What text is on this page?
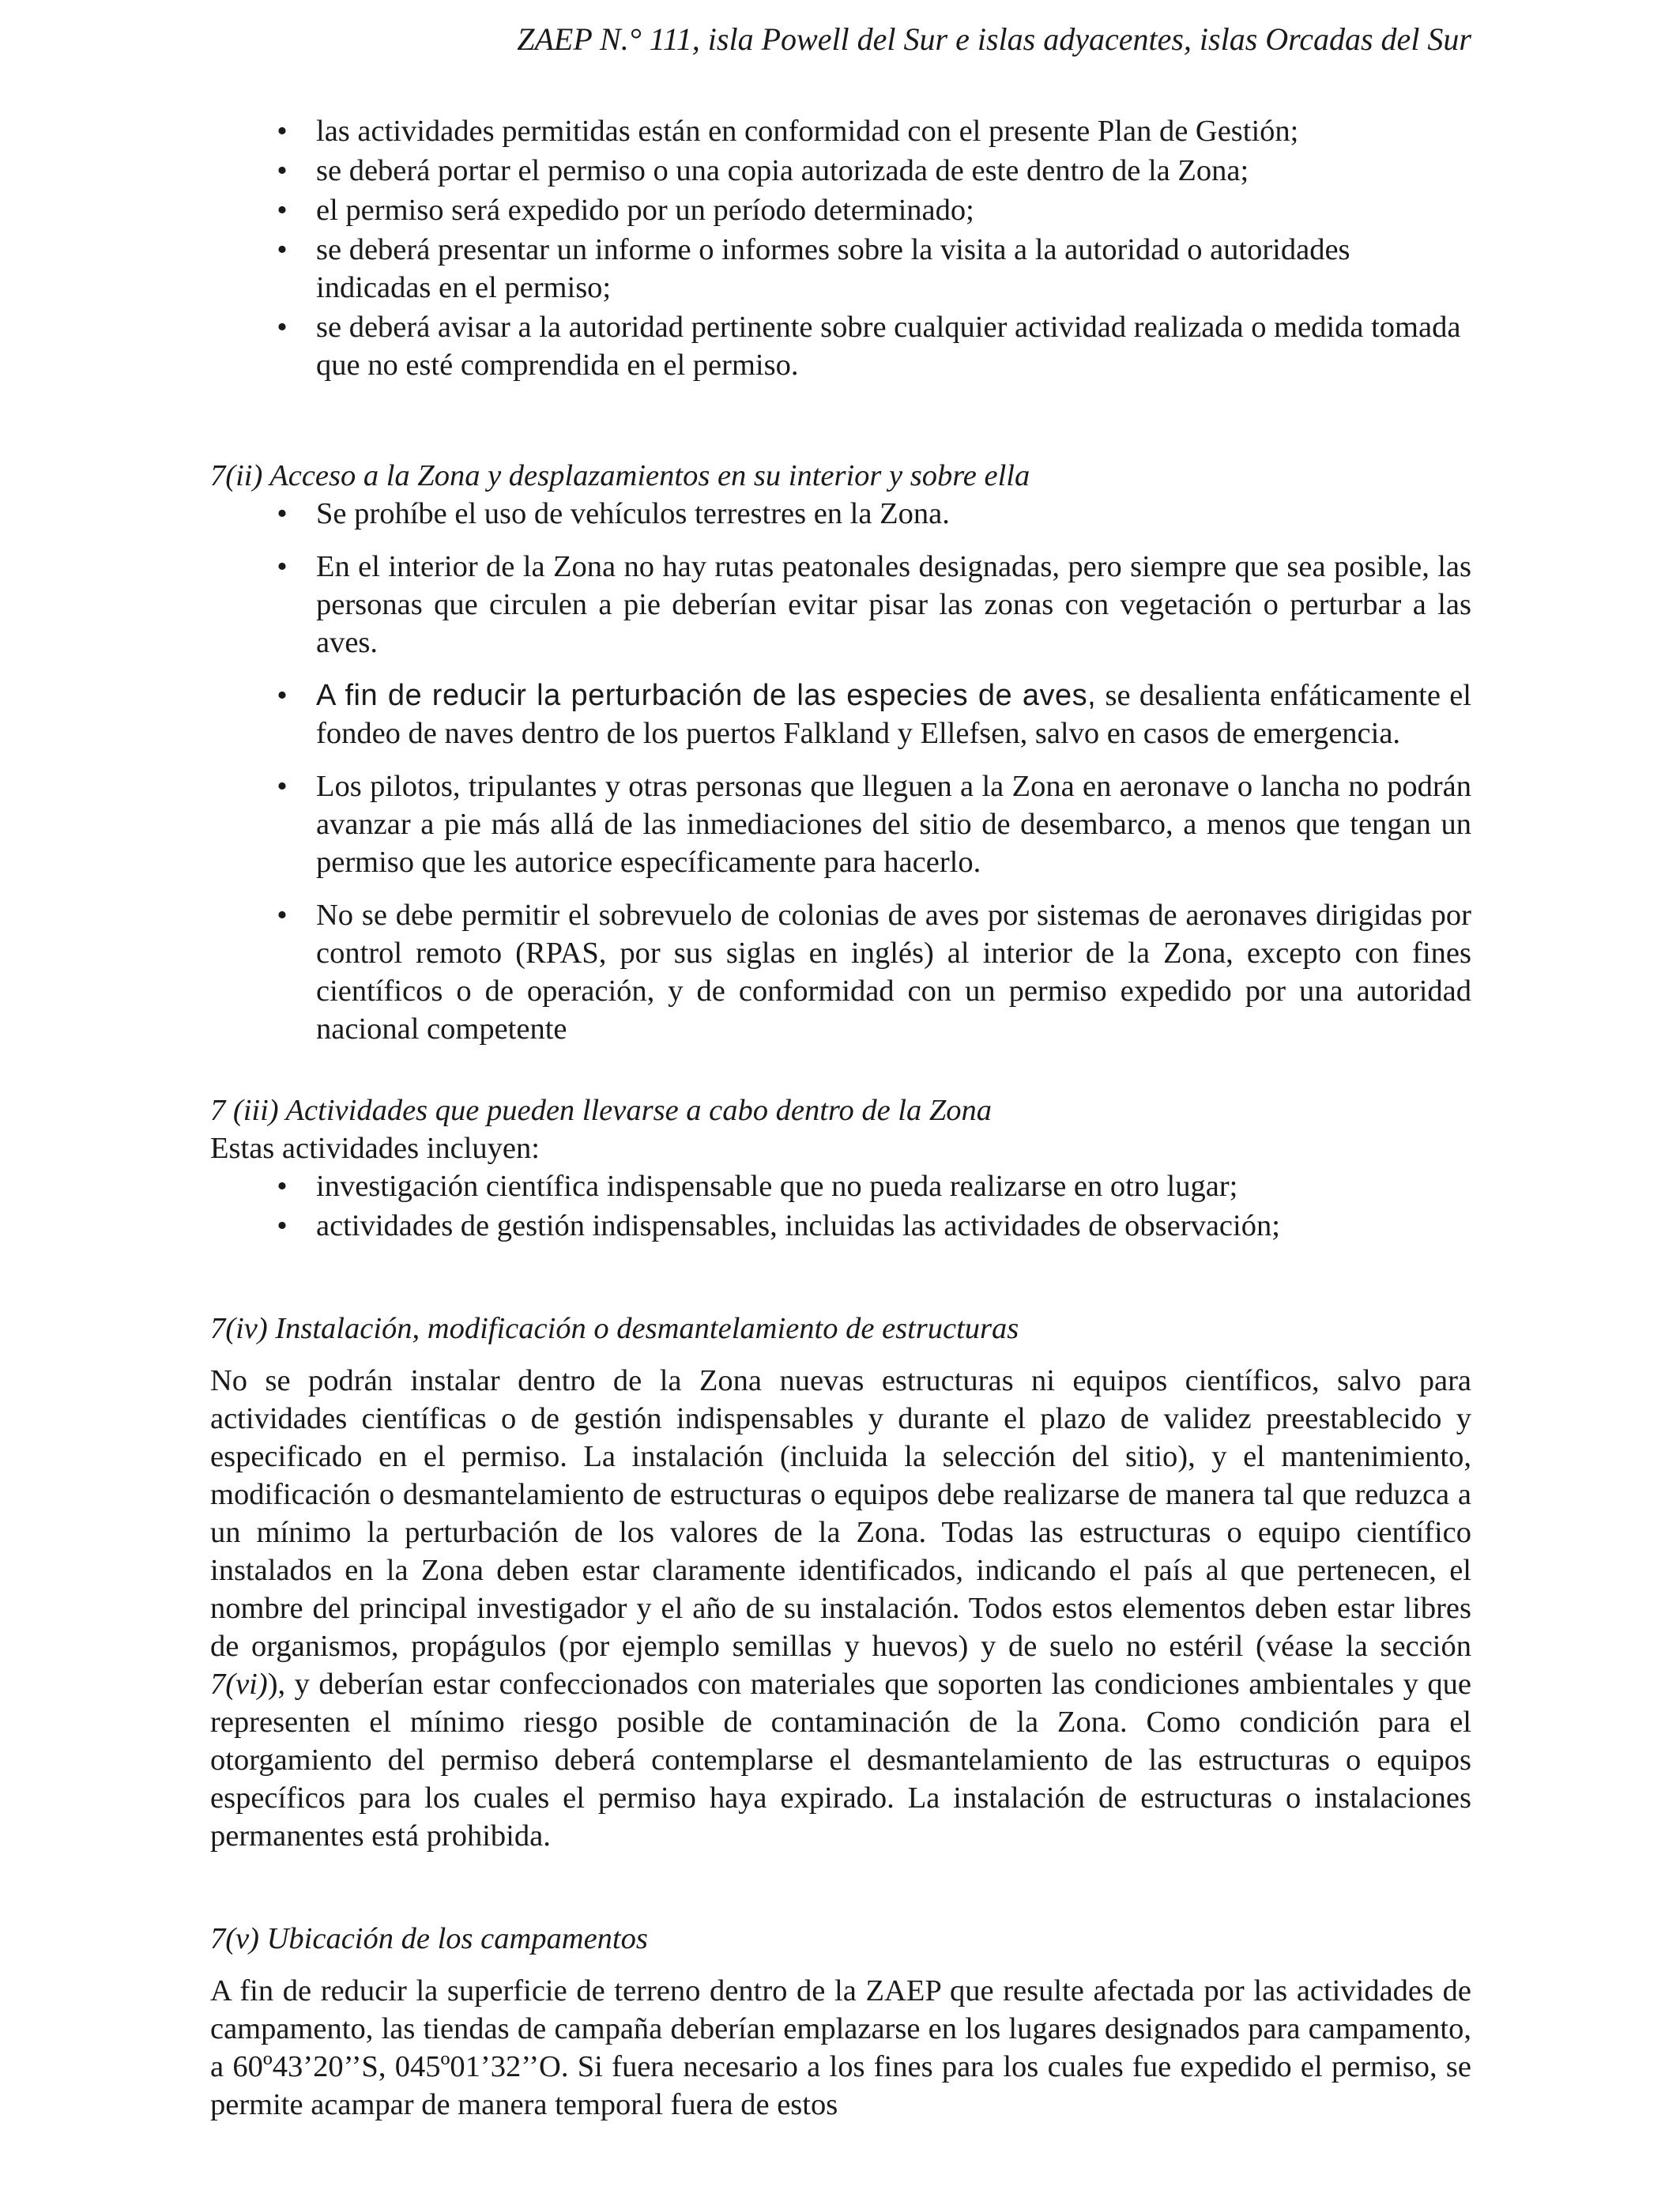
ZAEP N.° 111, isla Powell del Sur e islas adyacentes, islas Orcadas del Sur
• las actividades permitidas están en conformidad con el presente Plan de Gestión;
• se deberá portar el permiso o una copia autorizada de este dentro de la Zona;
• el permiso será expedido por un período determinado;
• se deberá presentar un informe o informes sobre la visita a la autoridad o autoridades indicadas en el permiso;
• se deberá avisar a la autoridad pertinente sobre cualquier actividad realizada o medida tomada que no esté comprendida en el permiso.

7(ii) Acceso a la Zona y desplazamientos en su interior y sobre ella

• Se prohíbe el uso de vehículos terrestres en la Zona.
• En el interior de la Zona no hay rutas peatonales designadas, pero siempre que sea posible, las personas que circulen a pie deberían evitar pisar las zonas con vegetación o perturbar a las aves.
• A fin de reducir la perturbación de las especies de aves, se desalienta enfáticamente el fondeo de naves dentro de los puertos Falkland y Ellefsen, salvo en casos de emergencia.
• Los pilotos, tripulantes y otras personas que lleguen a la Zona en aeronave o lancha no podrán avanzar a pie más allá de las inmediaciones del sitio de desembarco, a menos que tengan un permiso que les autorice específicamente para hacerlo.
• No se debe permitir el sobrevuelo de colonias de aves por sistemas de aeronaves dirigidas por control remoto (RPAS, por sus siglas en inglés) al interior de la Zona, excepto con fines científicos o de operación, y de conformidad con un permiso expedido por una autoridad nacional competente

7 (iii) Actividades que pueden llevarse a cabo dentro de la Zona

Estas actividades incluyen:

• investigación científica indispensable que no pueda realizarse en otro lugar;
• actividades de gestión indispensables, incluidas las actividades de observación;

7(iv) Instalación, modificación o desmantelamiento de estructuras

No se podrán instalar dentro de la Zona nuevas estructuras ni equipos científicos, salvo para actividades científicas o de gestión indispensables y durante el plazo de validez preestablecido y especificado en el permiso. La instalación (incluida la selección del sitio), y el mantenimiento, modificación o desmantelamiento de estructuras o equipos debe realizarse de manera tal que reduzca a un mínimo la perturbación de los valores de la Zona. Todas las estructuras o equipo científico instalados en la Zona deben estar claramente identificados, indicando el país al que pertenecen, el nombre del principal investigador y el año de su instalación. Todos estos elementos deben estar libres de organismos, propágulos (por ejemplo semillas y huevos) y de suelo no estéril (véase la sección 7(vi)), y deberían estar confeccionados con materiales que soporten las condiciones ambientales y que representen el mínimo riesgo posible de contaminación de la Zona. Como condición para el otorgamiento del permiso deberá contemplarse el desmantelamiento de las estructuras o equipos específicos para los cuales el permiso haya expirado. La instalación de estructuras o instalaciones permanentes está prohibida.

7(v) Ubicación de los campamentos

A fin de reducir la superficie de terreno dentro de la ZAEP que resulte afectada por las actividades de campamento, las tiendas de campaña deberían emplazarse en los lugares designados para campamento, a 60º43’20’’S, 045º01’32’’O. Si fuera necesario a los fines para los cuales fue expedido el permiso, se permite acampar de manera temporal fuera de estos
